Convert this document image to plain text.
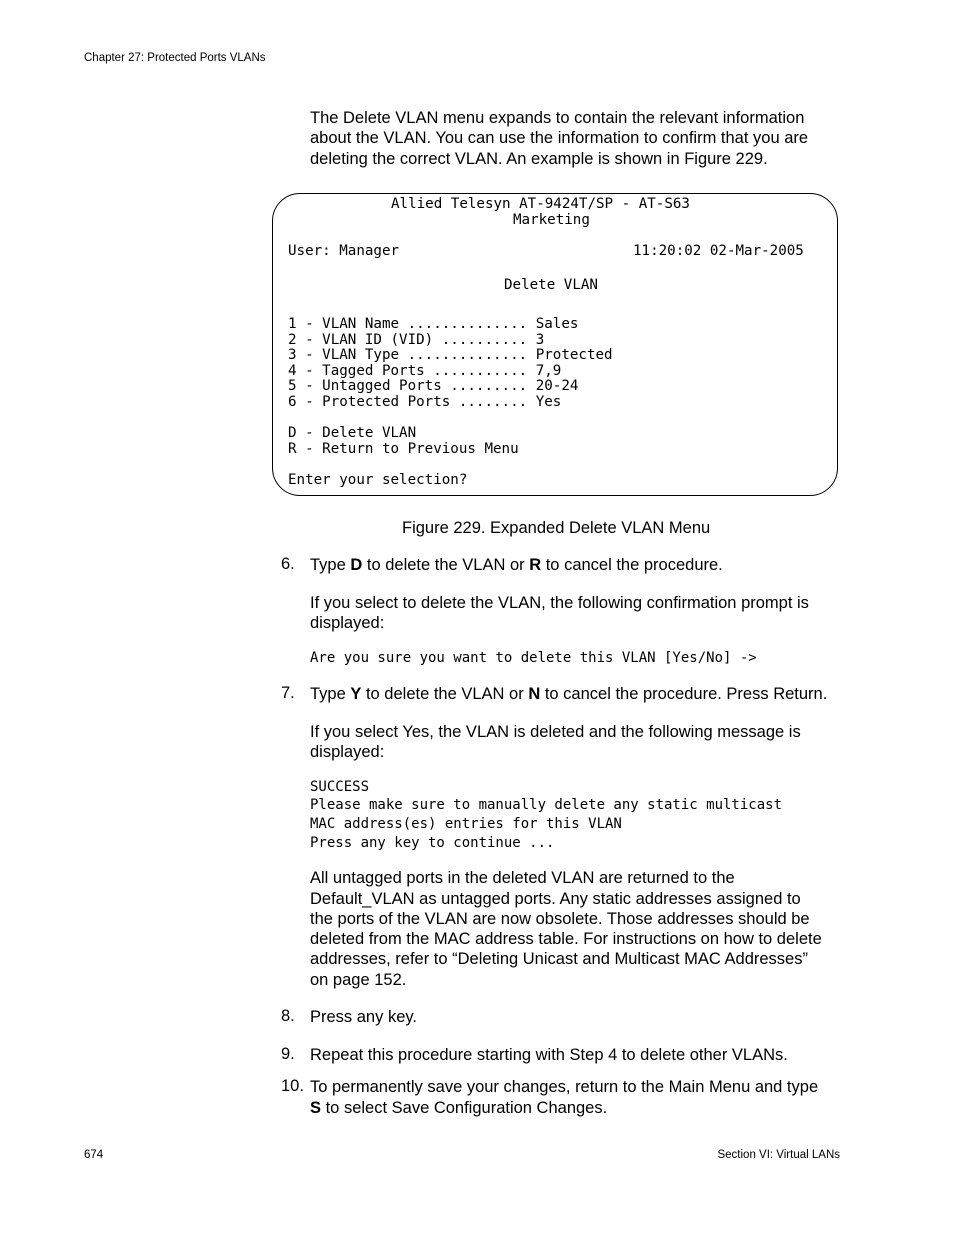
Chapter 27: Protected Ports VLANs
The Delete VLAN menu expands to contain the relevant information about the VLAN. You can use the information to confirm that you are deleting the correct VLAN. An example is shown in Figure 229.
Allied Telesyn AT-9424T/SP - AT-S63
Marketing
User: Manager	11:20:02 02-Mar-2005
Delete VLAN
1 - VLAN Name .............. Sales
2 - VLAN ID (VID) .......... 3
3 - VLAN Type .............. Protected
4 - Tagged Ports ........... 7,9
5 - Untagged Ports ......... 20-24
6 - Protected Ports ........ Yes
D - Delete VLAN
R - Return to Previous Menu
Enter your selection?
Figure 229. Expanded Delete VLAN Menu
6. Type D to delete the VLAN or R to cancel the procedure.
If you select to delete the VLAN, the following confirmation prompt is
displayed:
Are you sure you want to delete this VLAN [Yes/No] ->
7. Type Y to delete the VLAN or N to cancel the procedure. Press Return.
If you select Yes, the VLAN is deleted and the following message is
displayed:
SUCCESS
Please make sure to manually delete any static multicast
MAC address(es) entries for this VLAN
Press any key to continue ...
All untagged ports in the deleted VLAN are returned to the
Default_VLAN as untagged ports. Any static addresses assigned to
the ports of the VLAN are now obsolete. Those addresses should be
deleted from the MAC address table. For instructions on how to delete
addresses, refer to “Deleting Unicast and Multicast MAC Addresses”
on page 152.
8. Press any key.
9. Repeat this procedure starting with Step 4 to delete other VLANs.
10. To permanently save your changes, return to the Main Menu and type
S to select Save Configuration Changes.
674	Section VI: Virtual LANs
